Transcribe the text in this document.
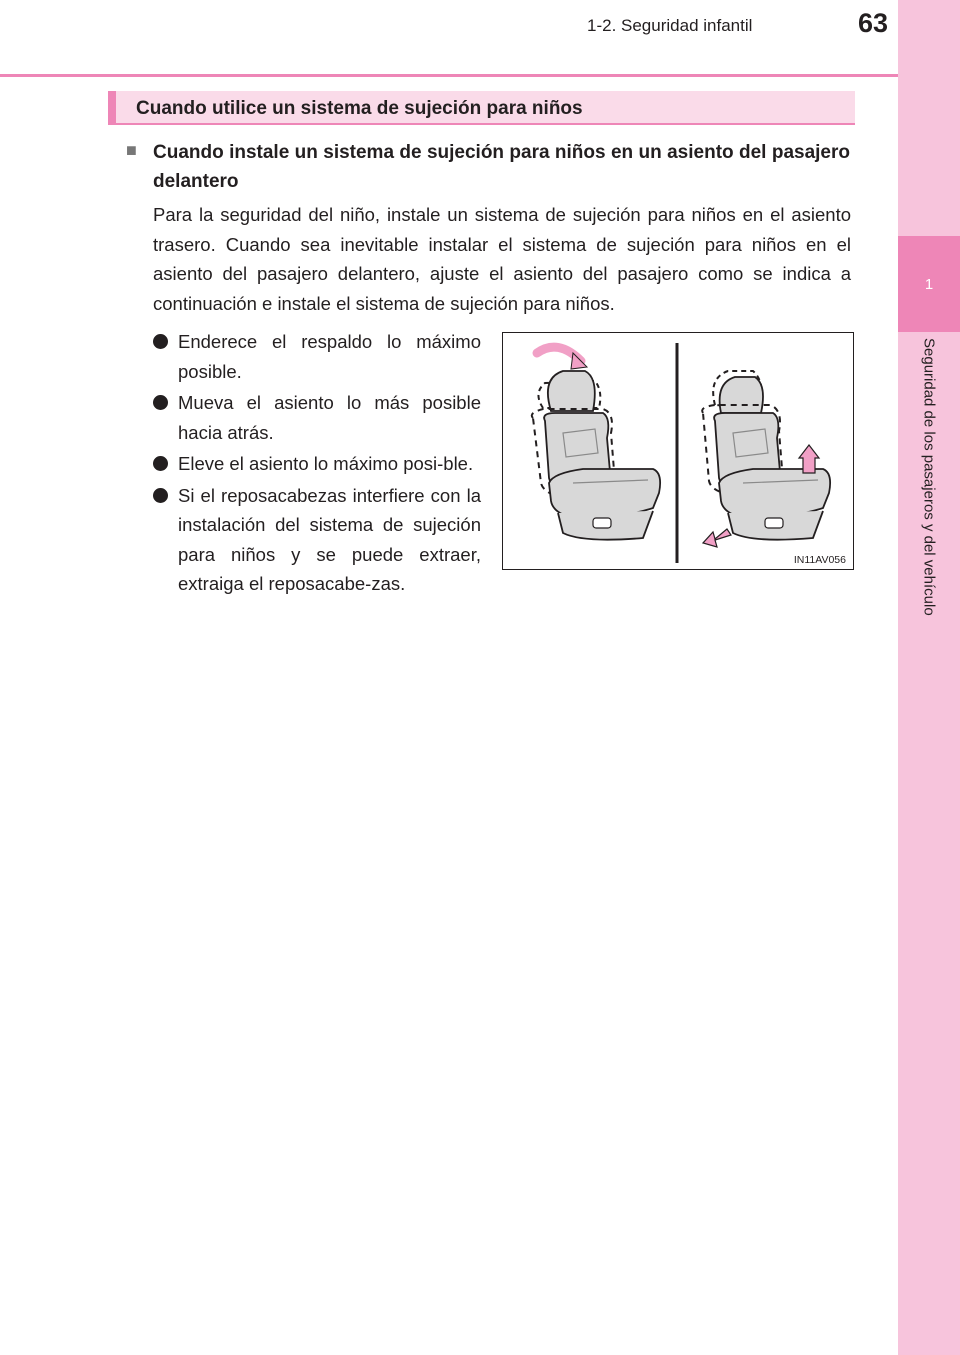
1-2. Seguridad infantil	63
1
Seguridad de los pasajeros y del vehículo
Cuando utilice un sistema de sujeción para niños
■ Cuando instale un sistema de sujeción para niños en un asiento del pasajero delantero
Para la seguridad del niño, instale un sistema de sujeción para niños en el asiento trasero. Cuando sea inevitable instalar el sistema de sujeción para niños en el asiento del pasajero delantero, ajuste el asiento del pasajero como se indica a continuación e instale el sistema de sujeción para niños.
Enderece el respaldo lo máximo posible.
Mueva el asiento lo más posible hacia atrás.
Eleve el asiento lo máximo posi-ble.
Si el reposacabezas interfiere con la instalación del sistema de sujeción para niños y se puede extraer, extraiga el reposacabe-zas.
IN11AV056
